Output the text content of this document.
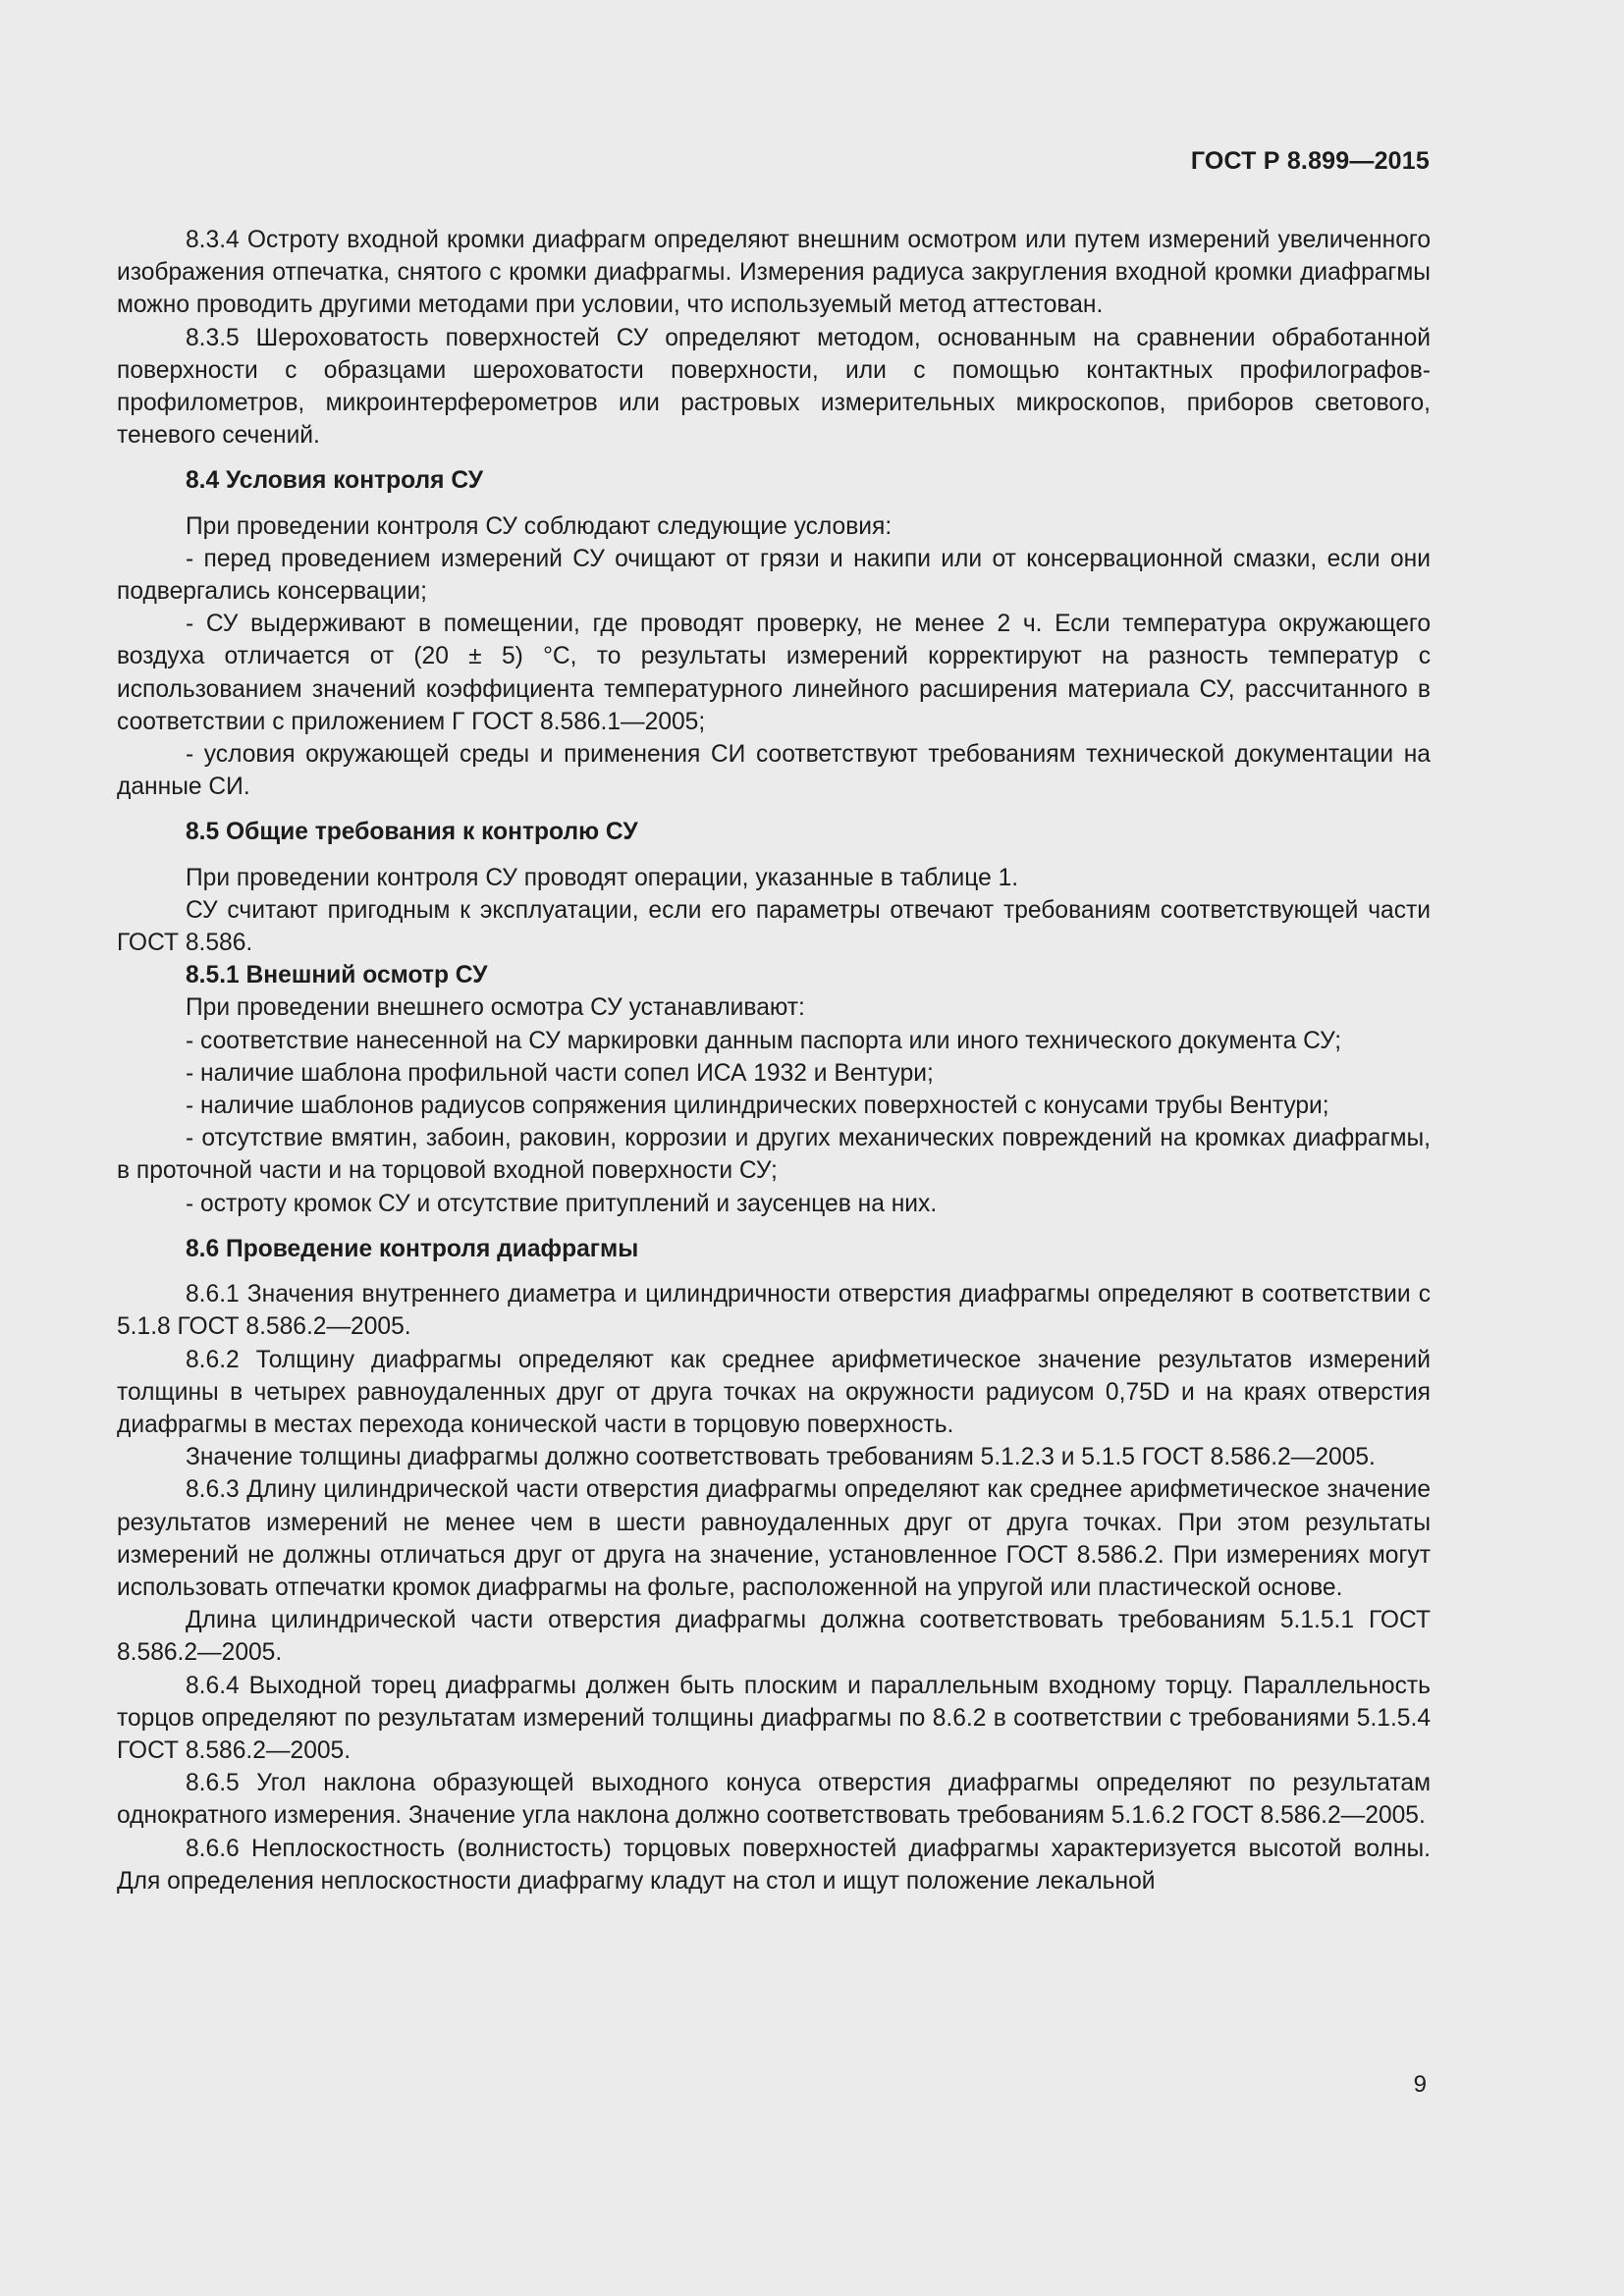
ГОСТ Р 8.899—2015

8.3.4 Остроту входной кромки диафрагм определяют внешним осмотром или путем измерений увеличенного изображения отпечатка, снятого с кромки диафрагмы. Измерения радиуса закругления входной кромки диафрагмы можно проводить другими методами при условии, что используемый метод аттестован.

8.3.5 Шероховатость поверхностей СУ определяют методом, основанным на сравнении обработанной поверхности с образцами шероховатости поверхности, или с помощью контактных профилографов-профилометров, микроинтерферометров или растровых измерительных микроскопов, приборов светового, теневого сечений.

8.4 Условия контроля СУ

При проведении контроля СУ соблюдают следующие условия:

- перед проведением измерений СУ очищают от грязи и накипи или от консервационной смазки, если они подвергались консервации;

- СУ выдерживают в помещении, где проводят проверку, не менее 2 ч. Если температура окружающего воздуха отличается от (20 ± 5) °С, то результаты измерений корректируют на разность температур с использованием значений коэффициента температурного линейного расширения материала СУ, рассчитанного в соответствии с приложением Г ГОСТ 8.586.1—2005;

- условия окружающей среды и применения СИ соответствуют требованиям технической документации на данные СИ.

8.5 Общие требования к контролю СУ

При проведении контроля СУ проводят операции, указанные в таблице 1.

СУ считают пригодным к эксплуатации, если его параметры отвечают требованиям соответствующей части ГОСТ 8.586.

8.5.1 Внешний осмотр СУ

При проведении внешнего осмотра СУ устанавливают:

- соответствие нанесенной на СУ маркировки данным паспорта или иного технического документа СУ;

- наличие шаблона профильной части сопел ИСА 1932 и Вентури;

- наличие шаблонов радиусов сопряжения цилиндрических поверхностей с конусами трубы Вентури;

- отсутствие вмятин, забоин, раковин, коррозии и других механических повреждений на кромках диафрагмы, в проточной части и на торцовой входной поверхности СУ;

- остроту кромок СУ и отсутствие притуплений и заусенцев на них.

8.6 Проведение контроля диафрагмы

8.6.1 Значения внутреннего диаметра и цилиндричности отверстия диафрагмы определяют в соответствии с 5.1.8 ГОСТ 8.586.2—2005.

8.6.2 Толщину диафрагмы определяют как среднее арифметическое значение результатов измерений толщины в четырех равноудаленных друг от друга точках на окружности радиусом 0,75D и на краях отверстия диафрагмы в местах перехода конической части в торцовую поверхность.

Значение толщины диафрагмы должно соответствовать требованиям 5.1.2.3 и 5.1.5 ГОСТ 8.586.2—2005.

8.6.3 Длину цилиндрической части отверстия диафрагмы определяют как среднее арифметическое значение результатов измерений не менее чем в шести равноудаленных друг от друга точках. При этом результаты измерений не должны отличаться друг от друга на значение, установленное ГОСТ 8.586.2. При измерениях могут использовать отпечатки кромок диафрагмы на фольге, расположенной на упругой или пластической основе.

Длина цилиндрической части отверстия диафрагмы должна соответствовать требованиям 5.1.5.1 ГОСТ 8.586.2—2005.

8.6.4 Выходной торец диафрагмы должен быть плоским и параллельным входному торцу. Параллельность торцов определяют по результатам измерений толщины диафрагмы по 8.6.2 в соответствии с требованиями 5.1.5.4 ГОСТ 8.586.2—2005.

8.6.5 Угол наклона образующей выходного конуса отверстия диафрагмы определяют по результатам однократного измерения. Значение угла наклона должно соответствовать требованиям 5.1.6.2 ГОСТ 8.586.2—2005.

8.6.6 Неплоскостность (волнистость) торцовых поверхностей диафрагмы характеризуется высотой волны. Для определения неплоскостности диафрагму кладут на стол и ищут положение лекальной

9
